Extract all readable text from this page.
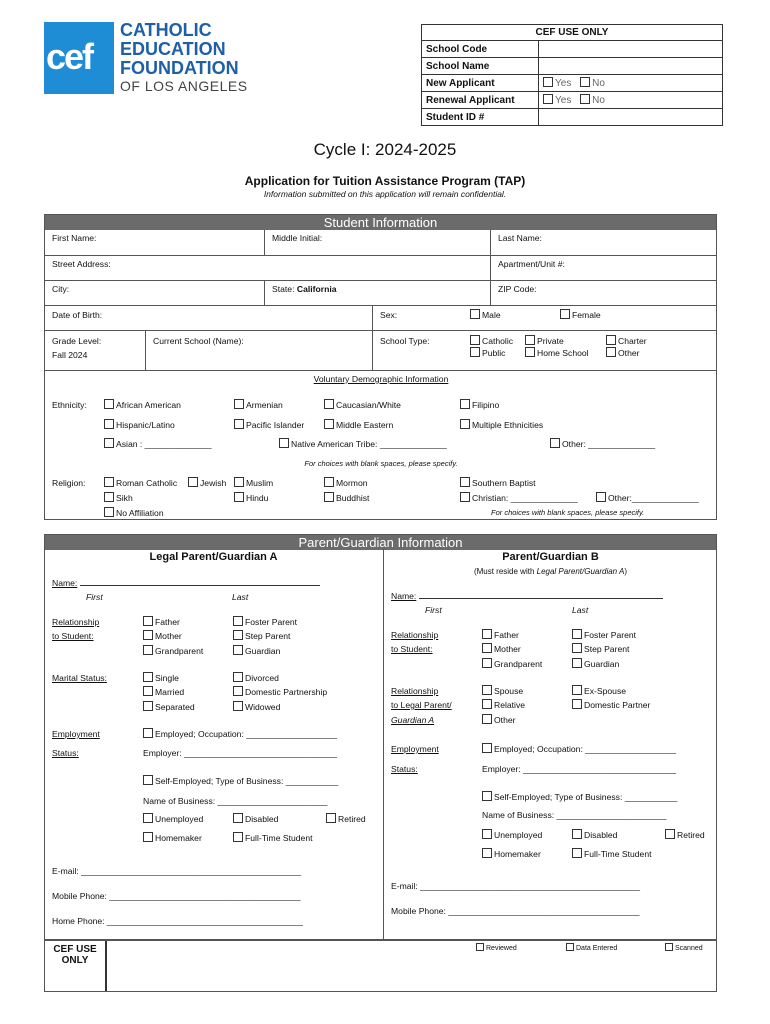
cef
CATHOLIC
EDUCATION
FOUNDATION
OF LOS ANGELES
CEF USE ONLY	
School Code	
School Name	
New Applicant	Yes No
Renewal Applicant	Yes No
Student ID #	
Cycle I: 2024-2025
Application for Tuition Assistance Program (TAP)
Information submitted on this application will remain confidential.
Student Information
First Name:	Middle Initial:	Last Name:
Street Address:	Apartment/Unit #:
City:	State: California	ZIP Code:
Date of Birth:	Sex:	Male	Female
Grade Level:
Fall 2024
Current School (Name):	School Type:	Catholic	Private	Charter
Public	Home School	Other
Voluntary Demographic Information
Ethnicity:	African American	Armenian	Caucasian/White	Filipino
Hispanic/Latino	Pacific Islander	Middle Eastern	Multiple Ethnicities
Asian : ______________	Native American Tribe: ______________	Other: ______________
For choices with blank spaces, please specify.
Religion:	Roman Catholic	Jewish	Muslim	Mormon	Southern Baptist
Sikh	Hindu	Buddhist	Christian: ______________	Other:______________
No Affiliation	For choices with blank spaces, please specify.
Parent/Guardian Information
Legal Parent/Guardian A
Name:
First	Last
Relationship
to Student:
Father	Foster Parent
Mother	Step Parent
Grandparent	Guardian
Marital Status:	Single	Divorced
Married	Domestic Partnership
Separated	Widowed
Employment
Status:
Employed; Occupation: ___________________
Employer: ________________________________
Self-Employed; Type of Business: ___________
Name of Business: _______________________
Unemployed	Disabled	Retired
Homemaker	Full-Time Student
E-mail: ______________________________________________
Mobile Phone: ________________________________________
Home Phone: _________________________________________
Parent/Guardian B
(Must reside with Legal Parent/Guardian A)
Name:
First	Last
Relationship
to Student:
Father	Foster Parent
Mother	Step Parent
Grandparent	Guardian
Relationship
to Legal Parent/
Guardian A
Spouse	Ex-Spouse
Relative	Domestic Partner
Other
Employment
Status:
Employed; Occupation: ___________________
Employer: ________________________________
Self-Employed; Type of Business: ___________
Name of Business: _______________________
Unemployed	Disabled	Retired
Homemaker	Full-Time Student
E-mail: ______________________________________________
Mobile Phone: ________________________________________
CEF USE
ONLY
Reviewed	Data Entered	Scanned
